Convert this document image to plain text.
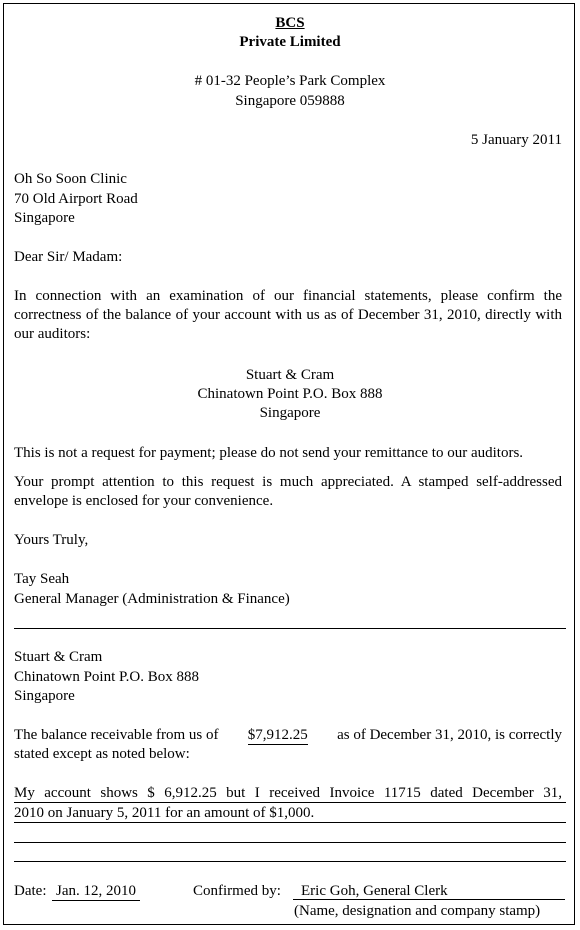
BCS
Private Limited
# 01-32 People’s Park Complex
Singapore 059888
5 January 2011
Oh So Soon Clinic
70 Old Airport Road
Singapore
Dear Sir/ Madam:
In connection with an examination of our financial statements, please confirm the correctness of the balance of your account with us as of December 31, 2010, directly with our auditors:
Stuart & Cram
Chinatown Point P.O. Box 888
Singapore
This is not a request for payment; please do not send your remittance to our auditors.
Your prompt attention to this request is much appreciated. A stamped self-addressed envelope is enclosed for your convenience.
Yours Truly,
Tay Seah
General Manager (Administration & Finance)
Stuart & Cram
Chinatown Point P.O. Box 888
Singapore
The balance receivable from us of $7,912.25 as of December 31, 2010, is correctly
stated except as noted below:
My account shows $ 6,912.25 but I received Invoice 11715 dated December 31,
2010 on January 5, 2011 for an amount of $1,000.
Date: Jan. 12, 2010	Confirmed by:	Eric Goh, General Clerk
(Name, designation and company stamp)
